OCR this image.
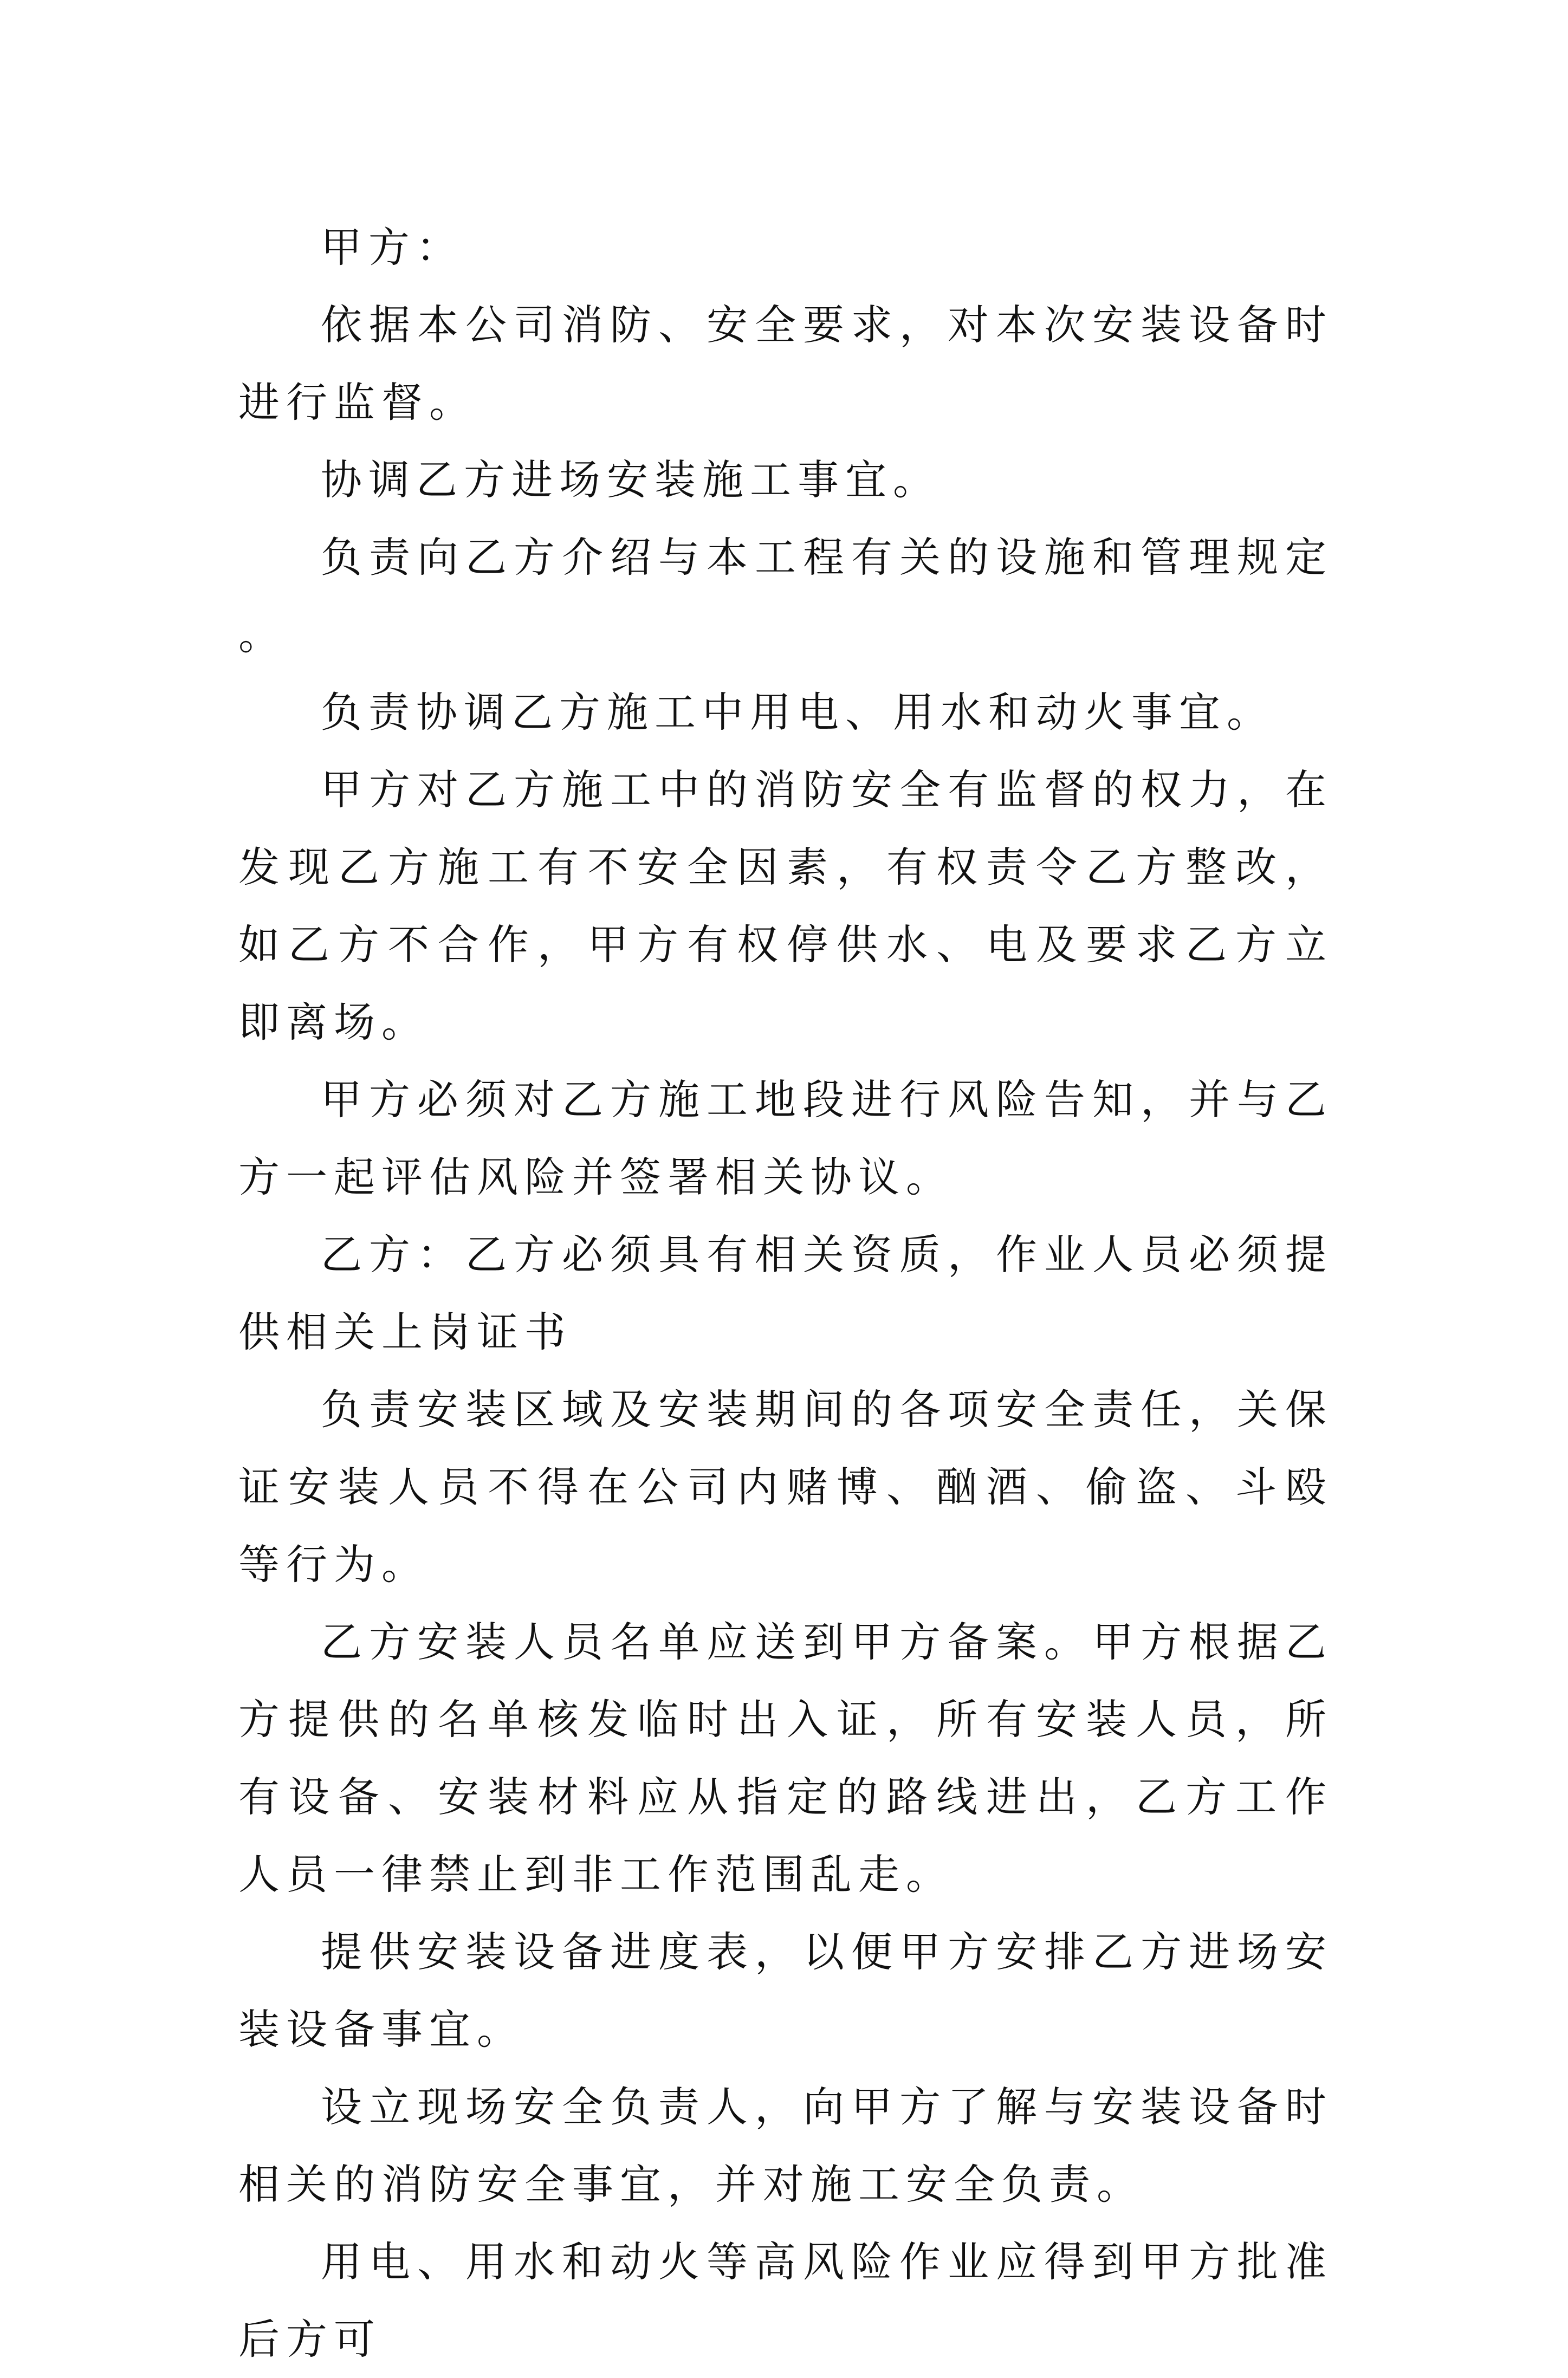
甲方：

依据本公司消防、安全要求，对本次安装设备时进行监督。

协调乙方进场安装施工事宜。

负责向乙方介绍与本工程有关的设施和管理规定。

负责协调乙方施工中用电、用水和动火事宜。

甲方对乙方施工中的消防安全有监督的权力，在发现乙方施工有不安全因素，有权责令乙方整改，如乙方不合作，甲方有权停供水、电及要求乙方立即离场。

甲方必须对乙方施工地段进行风险告知，并与乙方一起评估风险并签署相关协议。

乙方：乙方必须具有相关资质，作业人员必须提供相关上岗证书

负责安装区域及安装期间的各项安全责任，关保证安装人员不得在公司内赌博、酗酒、偷盗、斗殴等行为。

乙方安装人员名单应送到甲方备案。甲方根据乙方提供的名单核发临时出入证，所有安装人员，所有设备、安装材料应从指定的路线进出，乙方工作人员一律禁止到非工作范围乱走。

提供安装设备进度表，以便甲方安排乙方进场安装设备事宜。

设立现场安全负责人，向甲方了解与安装设备时相关的消防安全事宜，并对施工安全负责。

用电、用水和动火等高风险作业应得到甲方批准后方可
